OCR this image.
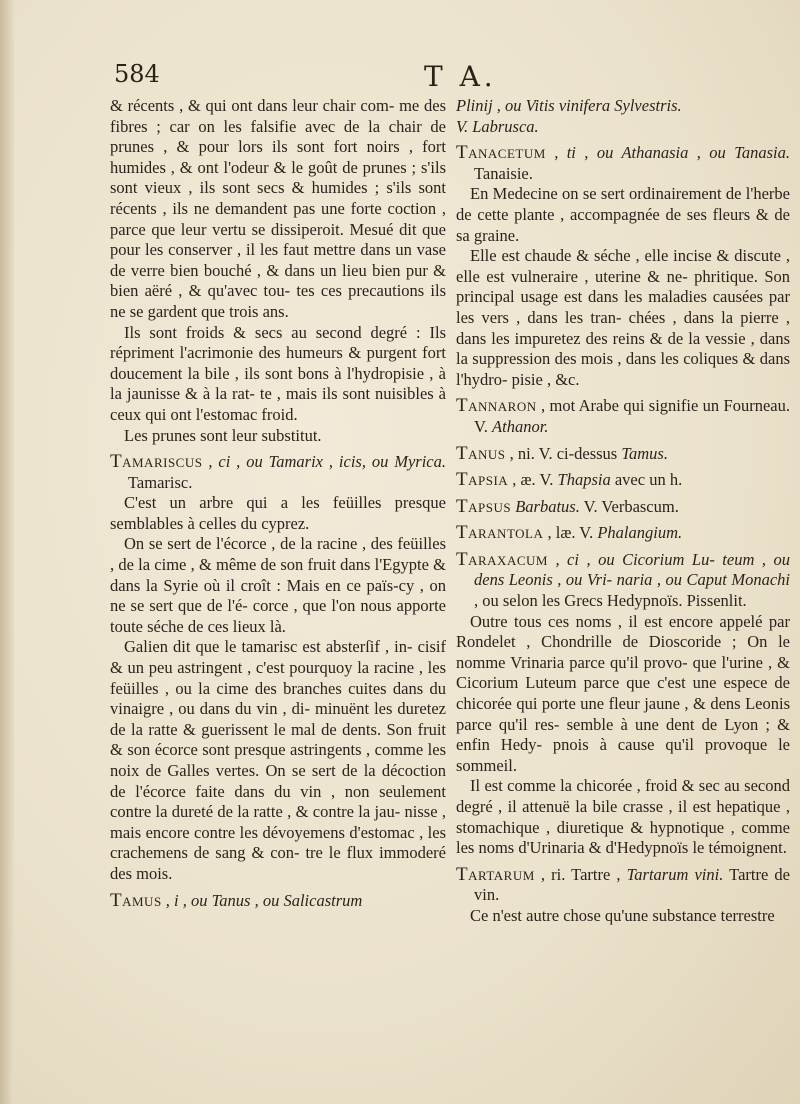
584	T A.

& récents , & qui ont dans leur chair com- me des fibres ; car on les falsifie avec de la chair de prunes , & pour lors ils sont fort noirs , fort humides , & ont l'odeur & le goût de prunes ; s'ils sont vieux , ils sont secs & humides ; s'ils sont récents , ils ne demandent pas une forte coction , parce que leur vertu se dissiperoit. Mesué dit que pour les conserver , il les faut mettre dans un vase de verre bien bouché , & dans un lieu bien pur & bien aëré , & qu'avec tou- tes ces precautions ils ne se gardent que trois ans.

Ils sont froids & secs au second degré : Ils répriment l'acrimonie des humeurs & purgent fort doucement la bile , ils sont bons à l'hydropisie , à la jaunisse & à la rat- te , mais ils sont nuisibles à ceux qui ont l'estomac froid.

Les prunes sont leur substitut.

Tamariscus , ci , ou Tamarix , icis, ou Myrica. Tamarisc.

C'est un arbre qui a les feüilles presque semblables à celles du cyprez.

On se sert de l'écorce , de la racine , des feüilles , de la cime , & même de son fruit dans l'Egypte & dans la Syrie où il croît : Mais en ce païs-cy , on ne se sert que de l'é- corce , que l'on nous apporte toute séche de ces lieux là.

Galien dit que le tamarisc est absterſif , in- cisif & un peu astringent , c'est pourquoy la racine , les feüilles , ou la cime des branches cuites dans du vinaigre , ou dans du vin , di- minuënt les duretez de la ratte & guerissent le mal de dents. Son fruit & son écorce sont presque astringents , comme les noix de Galles vertes. On se sert de la décoction de l'écorce faite dans du vin , non seulement contre la dureté de la ratte , & contre la jau- nisse , mais encore contre les dévoyemens d'estomac , les crachemens de sang & con- tre le flux immoderé des mois.

Tamus , i , ou Tanus , ou Salicastrum

Plinij , ou Vitis vinifera Sylvestris.

V. Labrusca.

Tanacetum , ti , ou Athanasia , ou Tanasia. Tanaisie.

En Medecine on se sert ordinairement de l'herbe de cette plante , accompagnée de ses fleurs & de sa graine.

Elle est chaude & séche , elle incise & discute , elle est vulneraire , uterine & ne- phritique. Son principal usage est dans les maladies causées par les vers , dans les tran- chées , dans la pierre , dans les impuretez des reins & de la vessie , dans la suppression des mois , dans les coliques & dans l'hydro- pisie , &c.

Tannaron , mot Arabe qui signifie un Fourneau. V. Athanor.

Tanus , ni. V. ci-dessus Tamus.

Tapsia , æ. V. Thapsia avec un h.

Tapsus Barbatus. V. Verbascum.

Tarantola , læ. V. Phalangium.

Taraxacum , ci , ou Cicorium Lu- teum , ou dens Leonis , ou Vri- naria , ou Caput Monachi , ou selon les Grecs Hedypnoïs. Pissenlit.

Outre tous ces noms , il est encore appelé par Rondelet , Chondrille de Dioscoride ; On le nomme Vrinaria parce qu'il provo- que l'urine , & Cicorium Luteum parce que c'est une espece de chicorée qui porte une fleur jaune , & dens Leonis parce qu'il res- semble à une dent de Lyon ; & enfin Hedy- pnois à cause qu'il provoque le sommeil.

Il est comme la chicorée , froid & sec au second degré , il attenuë la bile crasse , il est hepatique , stomachique , diuretique & hypnotique , comme les noms d'Urinaria & d'Hedypnoïs le témoignent.

Tartarum , ri. Tartre , Tartarum vini. Tartre de vin.

Ce n'est autre chose qu'une substance terrestre
